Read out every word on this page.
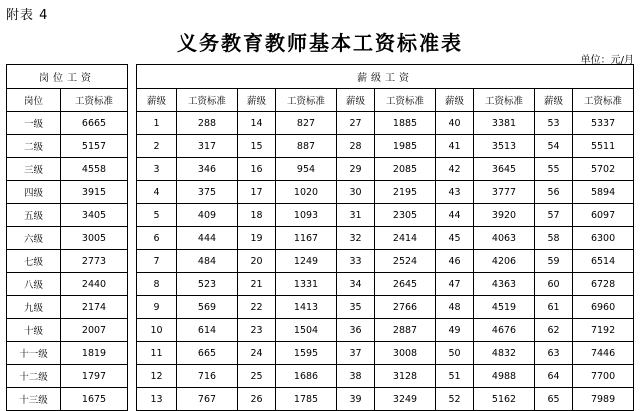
附表 4
义务教育教师基本工资标准表
单位：元/月
岗位工资	
岗位	工资标准
一级	6665
二级	5157
三级	4558
四级	3915
五级	3405
六级	3005
七级	2773
八级	2440
九级	2174
十级	2007
十一级	1819
十二级	1797
十三级	1675
薪级工资									
薪级	工资标准	薪级	工资标准	薪级	工资标准	薪级	工资标准	薪级	工资标准
1	288	14	827	27	1885	40	3381	53	5337
2	317	15	887	28	1985	41	3513	54	5511
3	346	16	954	29	2085	42	3645	55	5702
4	375	17	1020	30	2195	43	3777	56	5894
5	409	18	1093	31	2305	44	3920	57	6097
6	444	19	1167	32	2414	45	4063	58	6300
7	484	20	1249	33	2524	46	4206	59	6514
8	523	21	1331	34	2645	47	4363	60	6728
9	569	22	1413	35	2766	48	4519	61	6960
10	614	23	1504	36	2887	49	4676	62	7192
11	665	24	1595	37	3008	50	4832	63	7446
12	716	25	1686	38	3128	51	4988	64	7700
13	767	26	1785	39	3249	52	5162	65	7989
